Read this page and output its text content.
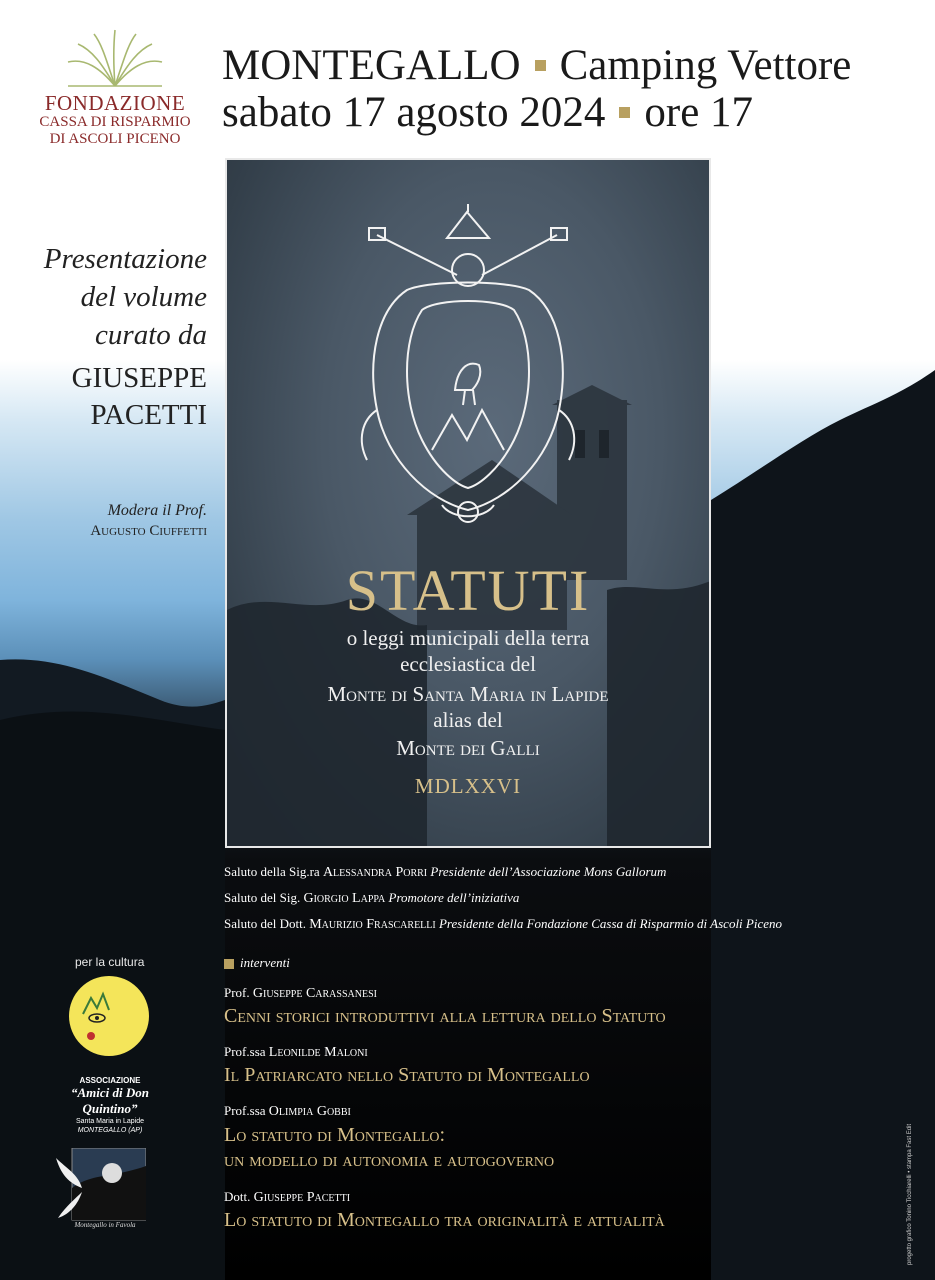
FONDAZIONE
CASSA DI RISPARMIO
DI ASCOLI PICENO
MONTEGALLO Camping Vettore
sabato 17 agosto 2024 ore 17
Presentazione
del volume
curato da
GIUSEPPE
PACETTI
Modera il Prof.
Augusto Ciuffetti
STATUTI
o leggi municipali della terra
ecclesiastica del
Monte di Santa Maria in Lapide
alias del
Monte dei Galli
MDLXXVI
Saluto della Sig.ra Alessandra Porri Presidente dell’Associazione Mons Gallorum
Saluto del Sig. Giorgio Lappa Promotore dell’iniziativa
Saluto del Dott. Maurizio Frascarelli Presidente della Fondazione Cassa di Risparmio di Ascoli Piceno
interventi
Prof. Giuseppe Carassanesi
Cenni storici introduttivi alla lettura dello Statuto
Prof.ssa Leonilde Maloni
Il Patriarcato nello Statuto di Montegallo
Prof.ssa Olimpia Gobbi
Lo statuto di Montegallo:
un modello di autonomia e autogoverno
Dott. Giuseppe Pacetti
Lo statuto di Montegallo tra originalità e attualità
per la cultura
ASSOCIAZIONE
“Amici di Don Quintino”
Santa Maria in Lapide
MONTEGALLO (AP)
Montegallo in Favola	progetto grafico Tonino Ticchiarelli • stampa Fast Edit
